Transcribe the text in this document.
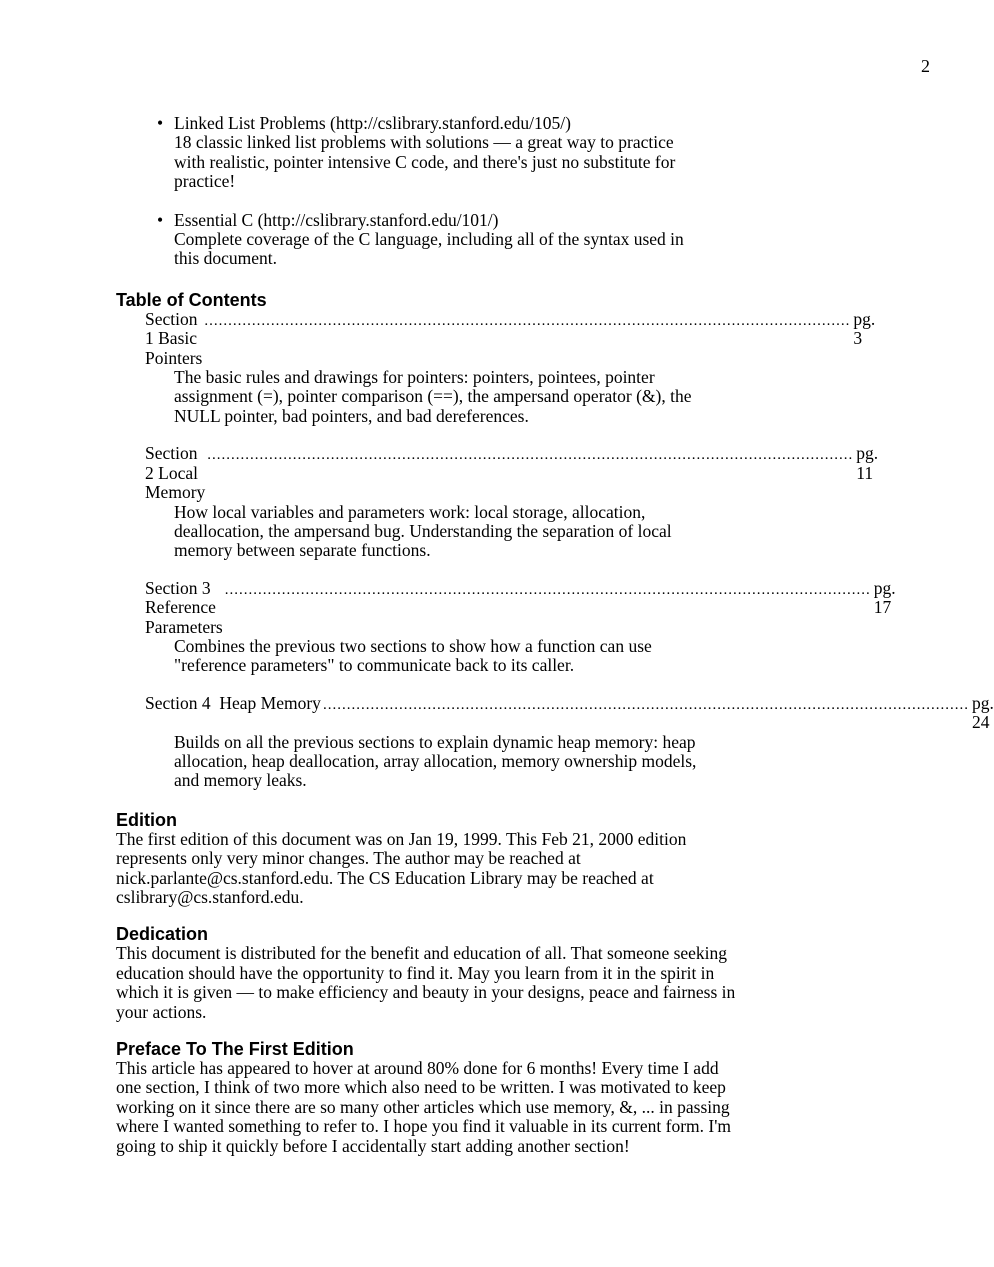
2
• Linked List Problems (http://cslibrary.stanford.edu/105/)
18 classic linked list problems with solutions — a great way to practice
with realistic, pointer intensive C code, and there's just no substitute for
practice!
• Essential C (http://cslibrary.stanford.edu/101/)
Complete coverage of the C language, including all of the syntax used in
this document.
Table of Contents
Section 1 Basic Pointers
........................................................................................................................................ pg. 3
The basic rules and drawings for pointers: pointers, pointees, pointer
assignment (=), pointer comparison (==), the ampersand operator (&), the
NULL pointer, bad pointers, and bad dereferences.
Section 2 Local Memory
........................................................................................................................................ pg. 11
How local variables and parameters work: local storage, allocation,
deallocation, the ampersand bug. Understanding the separation of local
memory between separate functions.
Section 3 Reference Parameters
........................................................................................................................................ pg. 17
Combines the previous two sections to show how a function can use
"reference parameters" to communicate back to its caller.
Section 4  Heap Memory ........................................................................................................................................ pg. 24
Builds on all the previous sections to explain dynamic heap memory: heap
allocation, heap deallocation, array allocation, memory ownership models,
and memory leaks.
Edition
The first edition of this document was on Jan 19, 1999. This Feb 21, 2000 edition
represents only very minor changes. The author may be reached at
nick.parlante@cs.stanford.edu. The CS Education Library may be reached at
cslibrary@cs.stanford.edu.
Dedication
This document is distributed for the benefit and education of all. That someone seeking
education should have the opportunity to find it. May you learn from it in the spirit in
which it is given — to make efficiency and beauty in your designs, peace and fairness in
your actions.
Preface To The First Edition
This article has appeared to hover at around 80% done for 6 months! Every time I add
one section, I think of two more which also need to be written. I was motivated to keep
working on it since there are so many other articles which use memory, &, ... in passing
where I wanted something to refer to. I hope you find it valuable in its current form. I'm
going to ship it quickly before I accidentally start adding another section!
